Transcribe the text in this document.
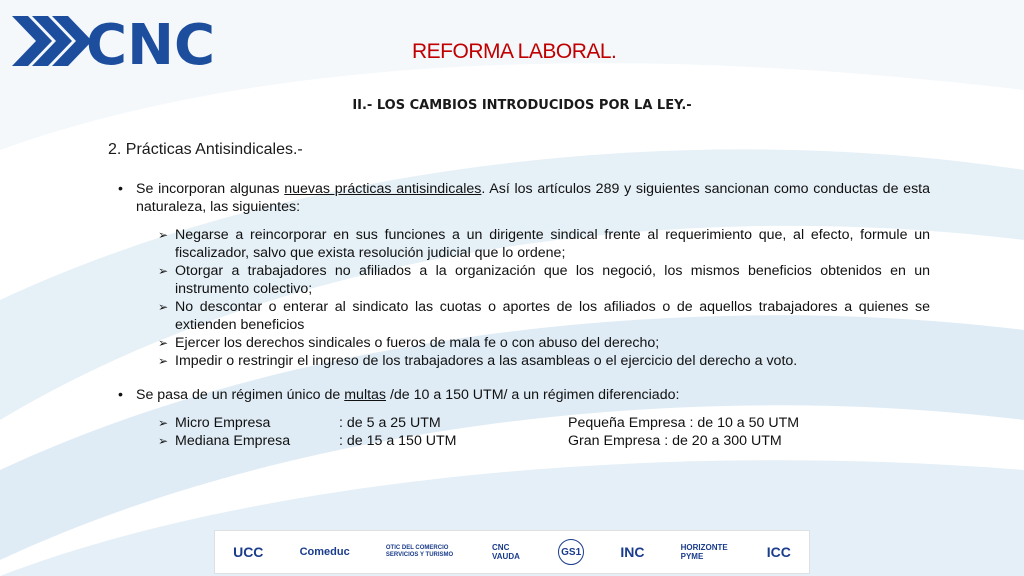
CNC	REFORMA LABORAL.
II.- LOS CAMBIOS INTRODUCIDOS POR LA LEY.-
2. Prácticas Antisindicales.-
• Se incorporan algunas nuevas prácticas antisindicales. Así los artículos 289 y siguientes sancionan como conductas de esta naturaleza, las siguientes:
➢ Negarse a reincorporar en sus funciones a un dirigente sindical frente al requerimiento que, al efecto, formule un fiscalizador, salvo que exista resolución judicial que lo ordene;
➢ Otorgar a trabajadores no afiliados a la organización que los negoció, los mismos beneficios obtenidos en un instrumento colectivo;
➢ No descontar o enterar al sindicato las cuotas o aportes de los afiliados o de aquellos trabajadores a quienes se extienden beneficios
➢ Ejercer los derechos sindicales o fueros de mala fe o con abuso del derecho;
➢ Impedir o restringir el ingreso de los trabajadores a las asambleas o el ejercicio del derecho a voto.
• Se pasa de un régimen único de multas /de 10 a 150 UTM/ a un régimen diferenciado:
➢ Micro Empresa	: de 5 a 25 UTM	Pequeña Empresa : de 10 a 50 UTM
➢ Mediana Empresa	: de 15 a 150 UTM	Gran Empresa : de 20 a 300 UTM
UCC	Comeduc	OTIC DEL COMERCIO SERVICIOS Y TURISMO
CNC VAUDA	GS1	INC	HORIZONTE PYME	ICC
